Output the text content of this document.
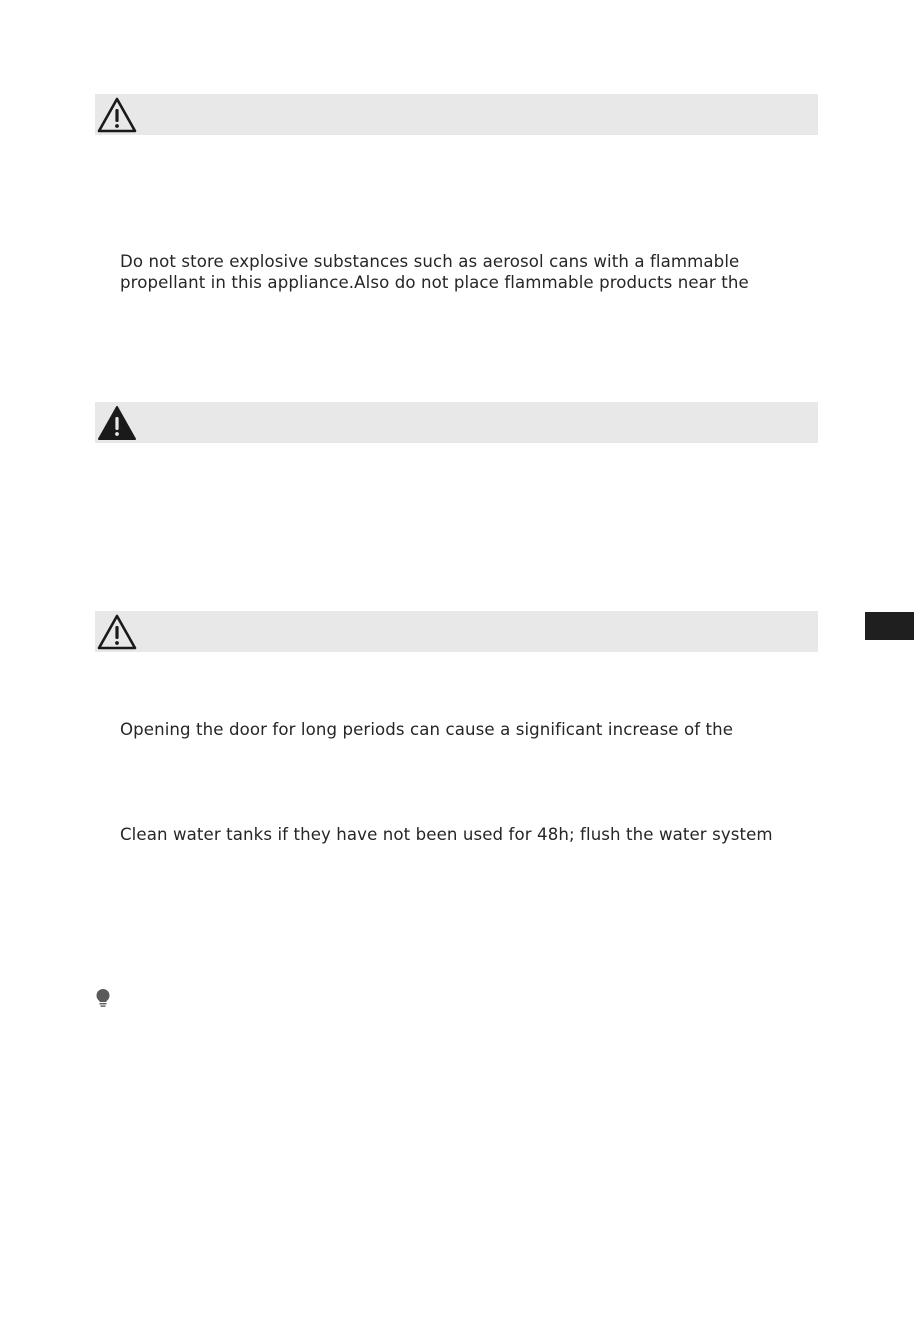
Do not store explosive substances such as aerosol cans with a flammable
propellant in this appliance.Also do not place flammable products near the
Opening the door for long periods can cause a significant increase of the
Clean water tanks if they have not been used for 48h; flush the water system
